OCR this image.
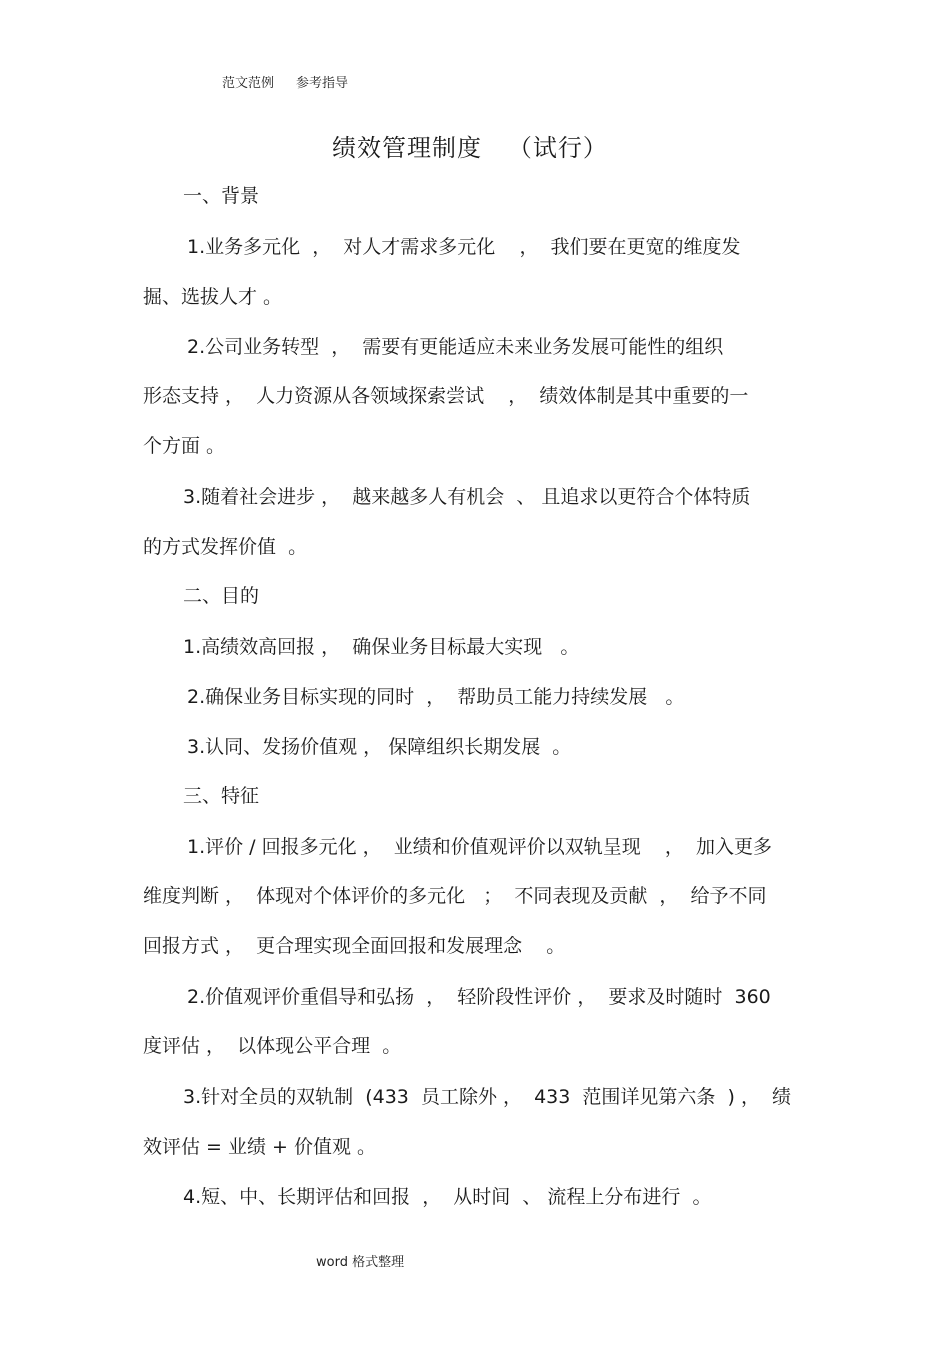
范文范例 参考指导
绩效管理制度   （试行）
一、背景
1.业务多元化  ，  对人才需求多元化    ，  我们要在更宽的维度发
掘、选拔人才 。
2.公司业务转型  ，  需要有更能适应未来业务发展可能性的组织
形态支持 ，  人力资源从各领域探索尝试    ，  绩效体制是其中重要的一
个方面 。
3.随着社会进步 ，  越来越多人有机会  、 且追求以更符合个体特质
的方式发挥价值  。
二、目的
1.高绩效高回报 ，  确保业务目标最大实现   。
2.确保业务目标实现的同时  ，  帮助员工能力持续发展   。
3.认同、发扬价值观 ， 保障组织长期发展  。
三、特征
1.评价 / 回报多元化 ，  业绩和价值观评价以双轨呈现    ，  加入更多
维度判断 ，  体现对个体评价的多元化   ；  不同表现及贡献  ，  给予不同
回报方式 ，  更合理实现全面回报和发展理念    。
2.价值观评价重倡导和弘扬  ，  轻阶段性评价 ，  要求及时随时  360
度评估 ，  以体现公平合理  。
3.针对全员的双轨制  (433  员工除外 ，  433  范围详见第六条  ) ，  绩
效评估 = 业绩 + 价值观 。
4.短、中、长期评估和回报  ，  从时间  、 流程上分布进行  。
word 格式整理
